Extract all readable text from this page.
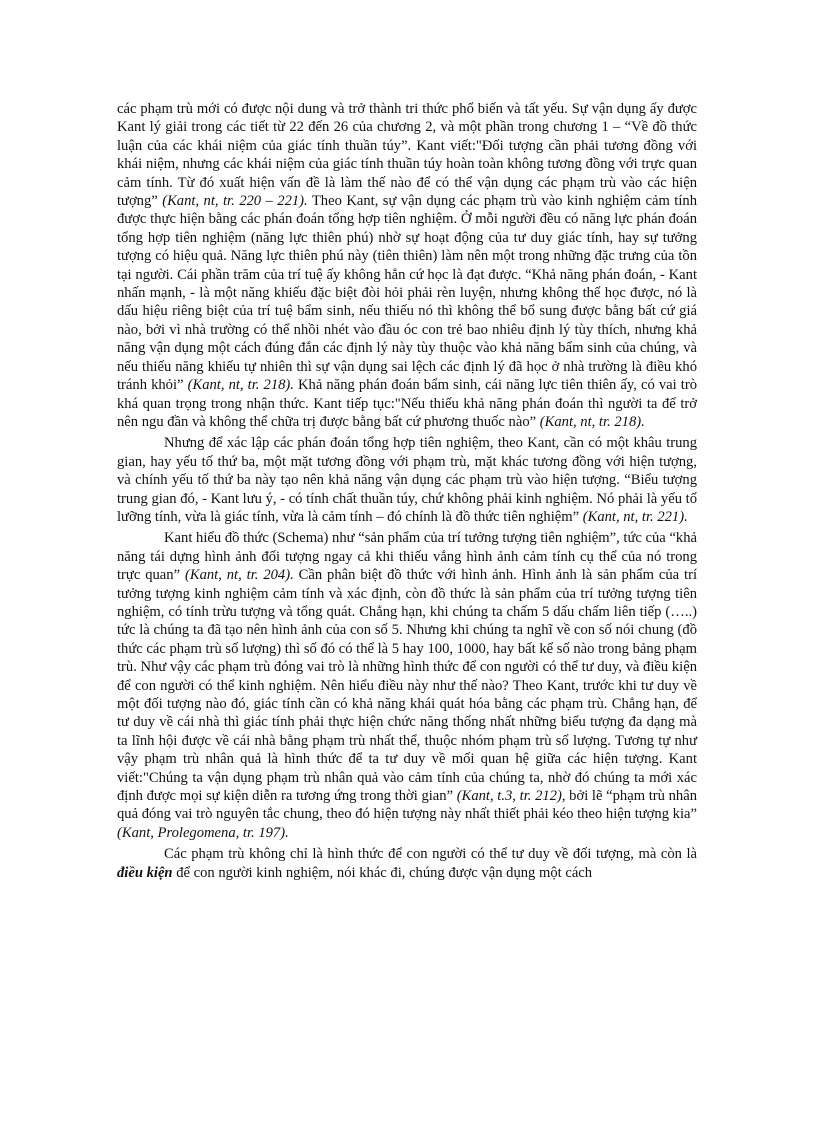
các phạm trù mới có được nội dung và trở thành tri thức phổ biến và tất yếu. Sự vận dụng ấy được Kant lý giải trong các tiết từ 22 đến 26 của chương 2, và một phần trong chương 1 – “Về đồ thức luận của các khái niệm của giác tính thuần túy”. Kant viết:"Đối tượng cần phải tương đồng với khái niệm, nhưng các khái niệm của giác tính thuần túy hoàn toàn không tương đồng với trực quan cảm tính. Từ đó xuất hiện vấn đề là làm thế nào để có thể vận dụng các phạm trù vào các hiện tượng” (Kant, nt, tr. 220 – 221). Theo Kant, sự vận dụng các phạm trù vào kinh nghiệm cảm tính được thực hiện bằng các phán đoán tổng hợp tiên nghiệm. Ở mỗi người đều có năng lực phán đoán tổng hợp tiên nghiệm (năng lực thiên phú) nhờ sự hoạt động của tư duy giác tính, hay sự tưởng tượng có hiệu quả. Năng lực thiên phú này (tiên thiên) làm nên một trong những đặc trưng của tồn tại người. Cái phần trăm của trí tuệ ấy không hẳn cứ học là đạt được. “Khả năng phán đoán, - Kant nhấn mạnh, - là một năng khiếu đặc biệt đòi hỏi phải rèn luyện, nhưng không thể học được, nó là dấu hiệu riêng biệt của trí tuệ bẩm sinh, nếu thiếu nó thì không thể bổ sung được bằng bất cứ giá nào, bởi vì nhà trường có thể nhồi nhét vào đầu óc con trẻ bao nhiêu định lý tùy thích, nhưng khả năng vận dụng một cách đúng đắn các định lý này tùy thuộc vào khả năng bẩm sinh của chúng, và nếu thiếu năng khiếu tự nhiên thì sự vận dụng sai lệch các định lý đã học ở nhà trường là điều khó tránh khỏi” (Kant, nt, tr. 218). Khả năng phán đoán bẩm sinh, cái năng lực tiên thiên ấy, có vai trò khá quan trọng trong nhận thức. Kant tiếp tục:"Nếu thiếu khả năng phán đoán thì người ta để trở nên ngu đần và không thể chữa trị được bằng bất cứ phương thuốc nào” (Kant, nt, tr. 218).

Nhưng để xác lập các phán đoán tổng hợp tiên nghiệm, theo Kant, cần có một khâu trung gian, hay yếu tố thứ ba, một mặt tương đồng với phạm trù, mặt khác tương đồng với hiện tượng, và chính yếu tố thứ ba này tạo nên khả năng vận dụng các phạm trù vào hiện tượng. “Biểu tượng trung gian đó, - Kant lưu ý, - có tính chất thuần túy, chứ không phải kinh nghiệm. Nó phải là yếu tố lưỡng tính, vừa là giác tính, vừa là cảm tính – đó chính là đồ thức tiên nghiệm” (Kant, nt, tr. 221).

Kant hiểu đồ thức (Schema) như “sản phẩm của trí tưởng tượng tiên nghiệm”, tức của “khả năng tái dựng hình ảnh đối tượng ngay cả khi thiếu vắng hình ảnh cảm tính cụ thể của nó trong trực quan” (Kant, nt, tr. 204). Cần phân biệt đồ thức với hình ảnh. Hình ảnh là sản phẩm của trí tưởng tượng kinh nghiệm cảm tính và xác định, còn đồ thức là sản phẩm của trí tưởng tượng tiên nghiệm, có tính trừu tượng và tổng quát. Chẳng hạn, khi chúng ta chấm 5 dấu chấm liên tiếp (…..) tức là chúng ta đã tạo nên hình ảnh của con số 5. Nhưng khi chúng ta nghĩ về con số nói chung (đồ thức các phạm trù số lượng) thì số đó có thể là 5 hay 100, 1000, hay bất kể số nào trong bảng phạm trù. Như vậy các phạm trù đóng vai trò là những hình thức để con người có thể tư duy, và điều kiện để con người có thể kinh nghiệm. Nên hiểu điều này như thế nào? Theo Kant, trước khi tư duy về một đối tượng nào đó, giác tính cần có khả năng khái quát hóa bằng các phạm trù. Chẳng hạn, để tư duy về cái nhà thì giác tính phải thực hiện chức năng thống nhất những biểu tượng đa dạng mà ta lĩnh hội được về cái nhà bằng phạm trù nhất thể, thuộc nhóm phạm trù số lượng. Tương tự như vậy phạm trù nhân quả là hình thức để ta tư duy về mối quan hệ giữa các hiện tượng. Kant viết:"Chúng ta vận dụng phạm trù nhân quả vào cảm tính của chúng ta, nhờ đó chúng ta mới xác định được mọi sự kiện diễn ra tương ứng trong thời gian” (Kant, t.3, tr. 212), bởi lẽ “phạm trù nhân quả đóng vai trò nguyên tắc chung, theo đó hiện tượng này nhất thiết phải kéo theo hiện tượng kia” (Kant, Prolegomena, tr. 197).

Các phạm trù không chỉ là hình thức để con người có thể tư duy về đối tượng, mà còn là điều kiện để con người kinh nghiệm, nói khác đi, chúng được vận dụng một cách
